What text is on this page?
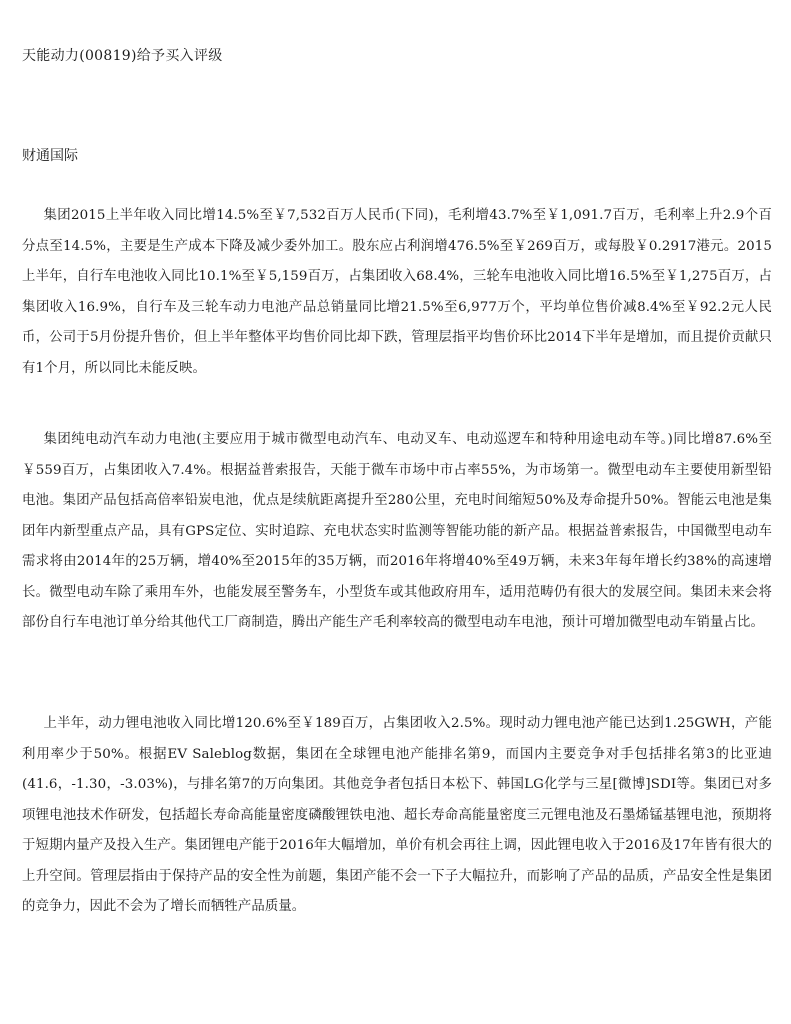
天能动力(00819)给予买入评级
财通国际

集团2015上半年收入同比增14.5%至￥7,532百万人民币(下同)，毛利增43.7%至￥1,091.7百万，毛利率上升2.9个百分点至14.5%，主要是生产成本下降及减少委外加工。股东应占利润增476.5%至￥269百万，或每股￥0.2917港元。2015上半年，自行车电池收入同比10.1%至￥5,159百万，占集团收入68.4%，三轮车电池收入同比增16.5%至￥1,275百万，占集团收入16.9%，自行车及三轮车动力电池产品总销量同比增21.5%至6,977万个，平均单位售价减8.4%至￥92.2元人民币，公司于5月份提升售价，但上半年整体平均售价同比却下跌，管理层指平均售价环比2014下半年是增加，而且提价贡献只有1个月，所以同比未能反映。

集团纯电动汽车动力电池(主要应用于城市微型电动汽车、电动叉车、电动巡逻车和特种用途电动车等。)同比增87.6%至￥559百万，占集团收入7.4%。根据益普索报告，天能于微车市场中市占率55%，为市场第一。微型电动车主要使用新型铅电池。集团产品包括高倍率铅炭电池，优点是续航距离提升至280公里，充电时间缩短50%及寿命提升50%。智能云电池是集团年内新型重点产品，具有GPS定位、实时追踪、充电状态实时监测等智能功能的新产品。根据益普索报告，中国微型电动车需求将由2014年的25万辆，增40%至2015年的35万辆，而2016年将增40%至49万辆，未来3年每年增长约38%的高速增长。微型电动车除了乘用车外，也能发展至警务车，小型货车或其他政府用车，适用范畴仍有很大的发展空间。集团未来会将部份自行车电池订单分给其他代工厂商制造，腾出产能生产毛利率较高的微型电动车电池，预计可增加微型电动车销量占比。

上半年，动力锂电池收入同比增120.6%至￥189百万，占集团收入2.5%。现时动力锂电池产能已达到1.25GWH，产能利用率少于50%。根据EV Saleblog数据，集团在全球锂电池产能排名第9，而国内主要竞争对手包括排名第3的比亚迪(41.6，-1.30，-3.03%)，与排名第7的万向集团。其他竞争者包括日本松下、韩国LG化学与三星[微博]SDI等。集团已对多项锂电池技术作研发，包括超长寿命高能量密度磷酸锂铁电池、超长寿命高能量密度三元锂电池及石墨烯锰基锂电池，预期将于短期内量产及投入生产。集团锂电产能于2016年大幅增加，单价有机会再往上调，因此锂电收入于2016及17年皆有很大的上升空间。管理层指由于保持产品的安全性为前题，集团产能不会一下子大幅拉升，而影响了产品的品质，产品安全性是集团的竞争力，因此不会为了增长而牺牲产品质量。
